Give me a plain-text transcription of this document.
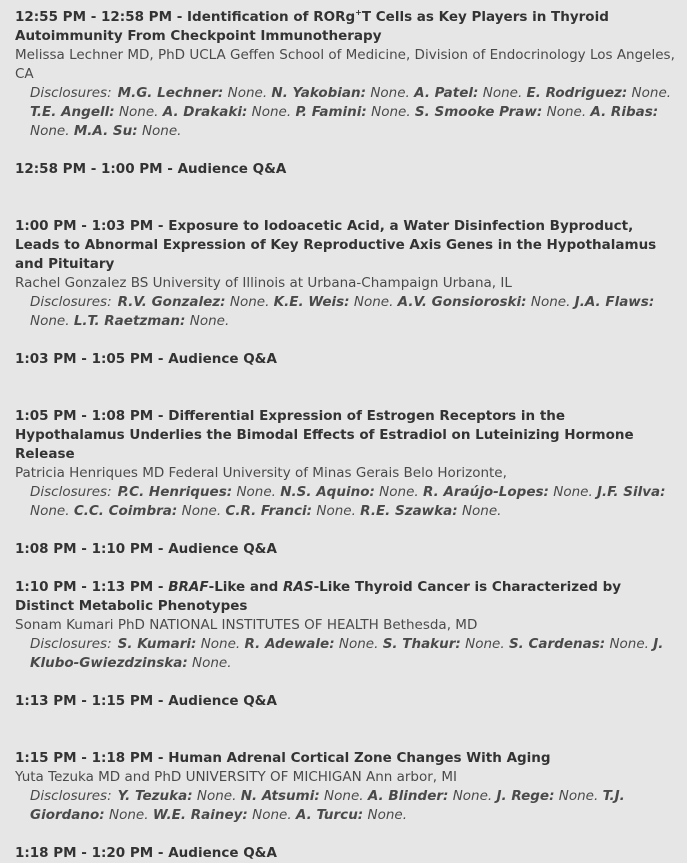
12:55 PM - 12:58 PM - Identification of RORg+T Cells as Key Players in Thyroid Autoimmunity From Checkpoint Immunotherapy
Melissa Lechner MD, PhD UCLA Geffen School of Medicine, Division of Endocrinology Los Angeles, CA
Disclosures: M.G. Lechner: None. N. Yakobian: None. A. Patel: None. E. Rodriguez: None. T.E. Angell: None. A. Drakaki: None. P. Famini: None. S. Smooke Praw: None. A. Ribas: None. M.A. Su: None.
12:58 PM - 1:00 PM - Audience Q&A
1:00 PM - 1:03 PM - Exposure to Iodoacetic Acid, a Water Disinfection Byproduct, Leads to Abnormal Expression of Key Reproductive Axis Genes in the Hypothalamus and Pituitary
Rachel Gonzalez BS University of Illinois at Urbana-Champaign Urbana, IL
Disclosures: R.V. Gonzalez: None. K.E. Weis: None. A.V. Gonsioroski: None. J.A. Flaws: None. L.T. Raetzman: None.
1:03 PM - 1:05 PM - Audience Q&A
1:05 PM - 1:08 PM - Differential Expression of Estrogen Receptors in the Hypothalamus Underlies the Bimodal Effects of Estradiol on Luteinizing Hormone Release
Patricia Henriques MD Federal University of Minas Gerais Belo Horizonte,
Disclosures: P.C. Henriques: None. N.S. Aquino: None. R. Araújo-Lopes: None. J.F. Silva: None. C.C. Coimbra: None. C.R. Franci: None. R.E. Szawka: None.
1:08 PM - 1:10 PM - Audience Q&A
1:10 PM - 1:13 PM - BRAF-Like and RAS-Like Thyroid Cancer is Characterized by Distinct Metabolic Phenotypes
Sonam Kumari PhD NATIONAL INSTITUTES OF HEALTH Bethesda, MD
Disclosures: S. Kumari: None. R. Adewale: None. S. Thakur: None. S. Cardenas: None. J. Klubo-Gwiezdzinska: None.
1:13 PM - 1:15 PM - Audience Q&A
1:15 PM - 1:18 PM - Human Adrenal Cortical Zone Changes With Aging
Yuta Tezuka MD and PhD UNIVERSITY OF MICHIGAN Ann arbor, MI
Disclosures: Y. Tezuka: None. N. Atsumi: None. A. Blinder: None. J. Rege: None. T.J. Giordano: None. W.E. Rainey: None. A. Turcu: None.
1:18 PM - 1:20 PM - Audience Q&A
